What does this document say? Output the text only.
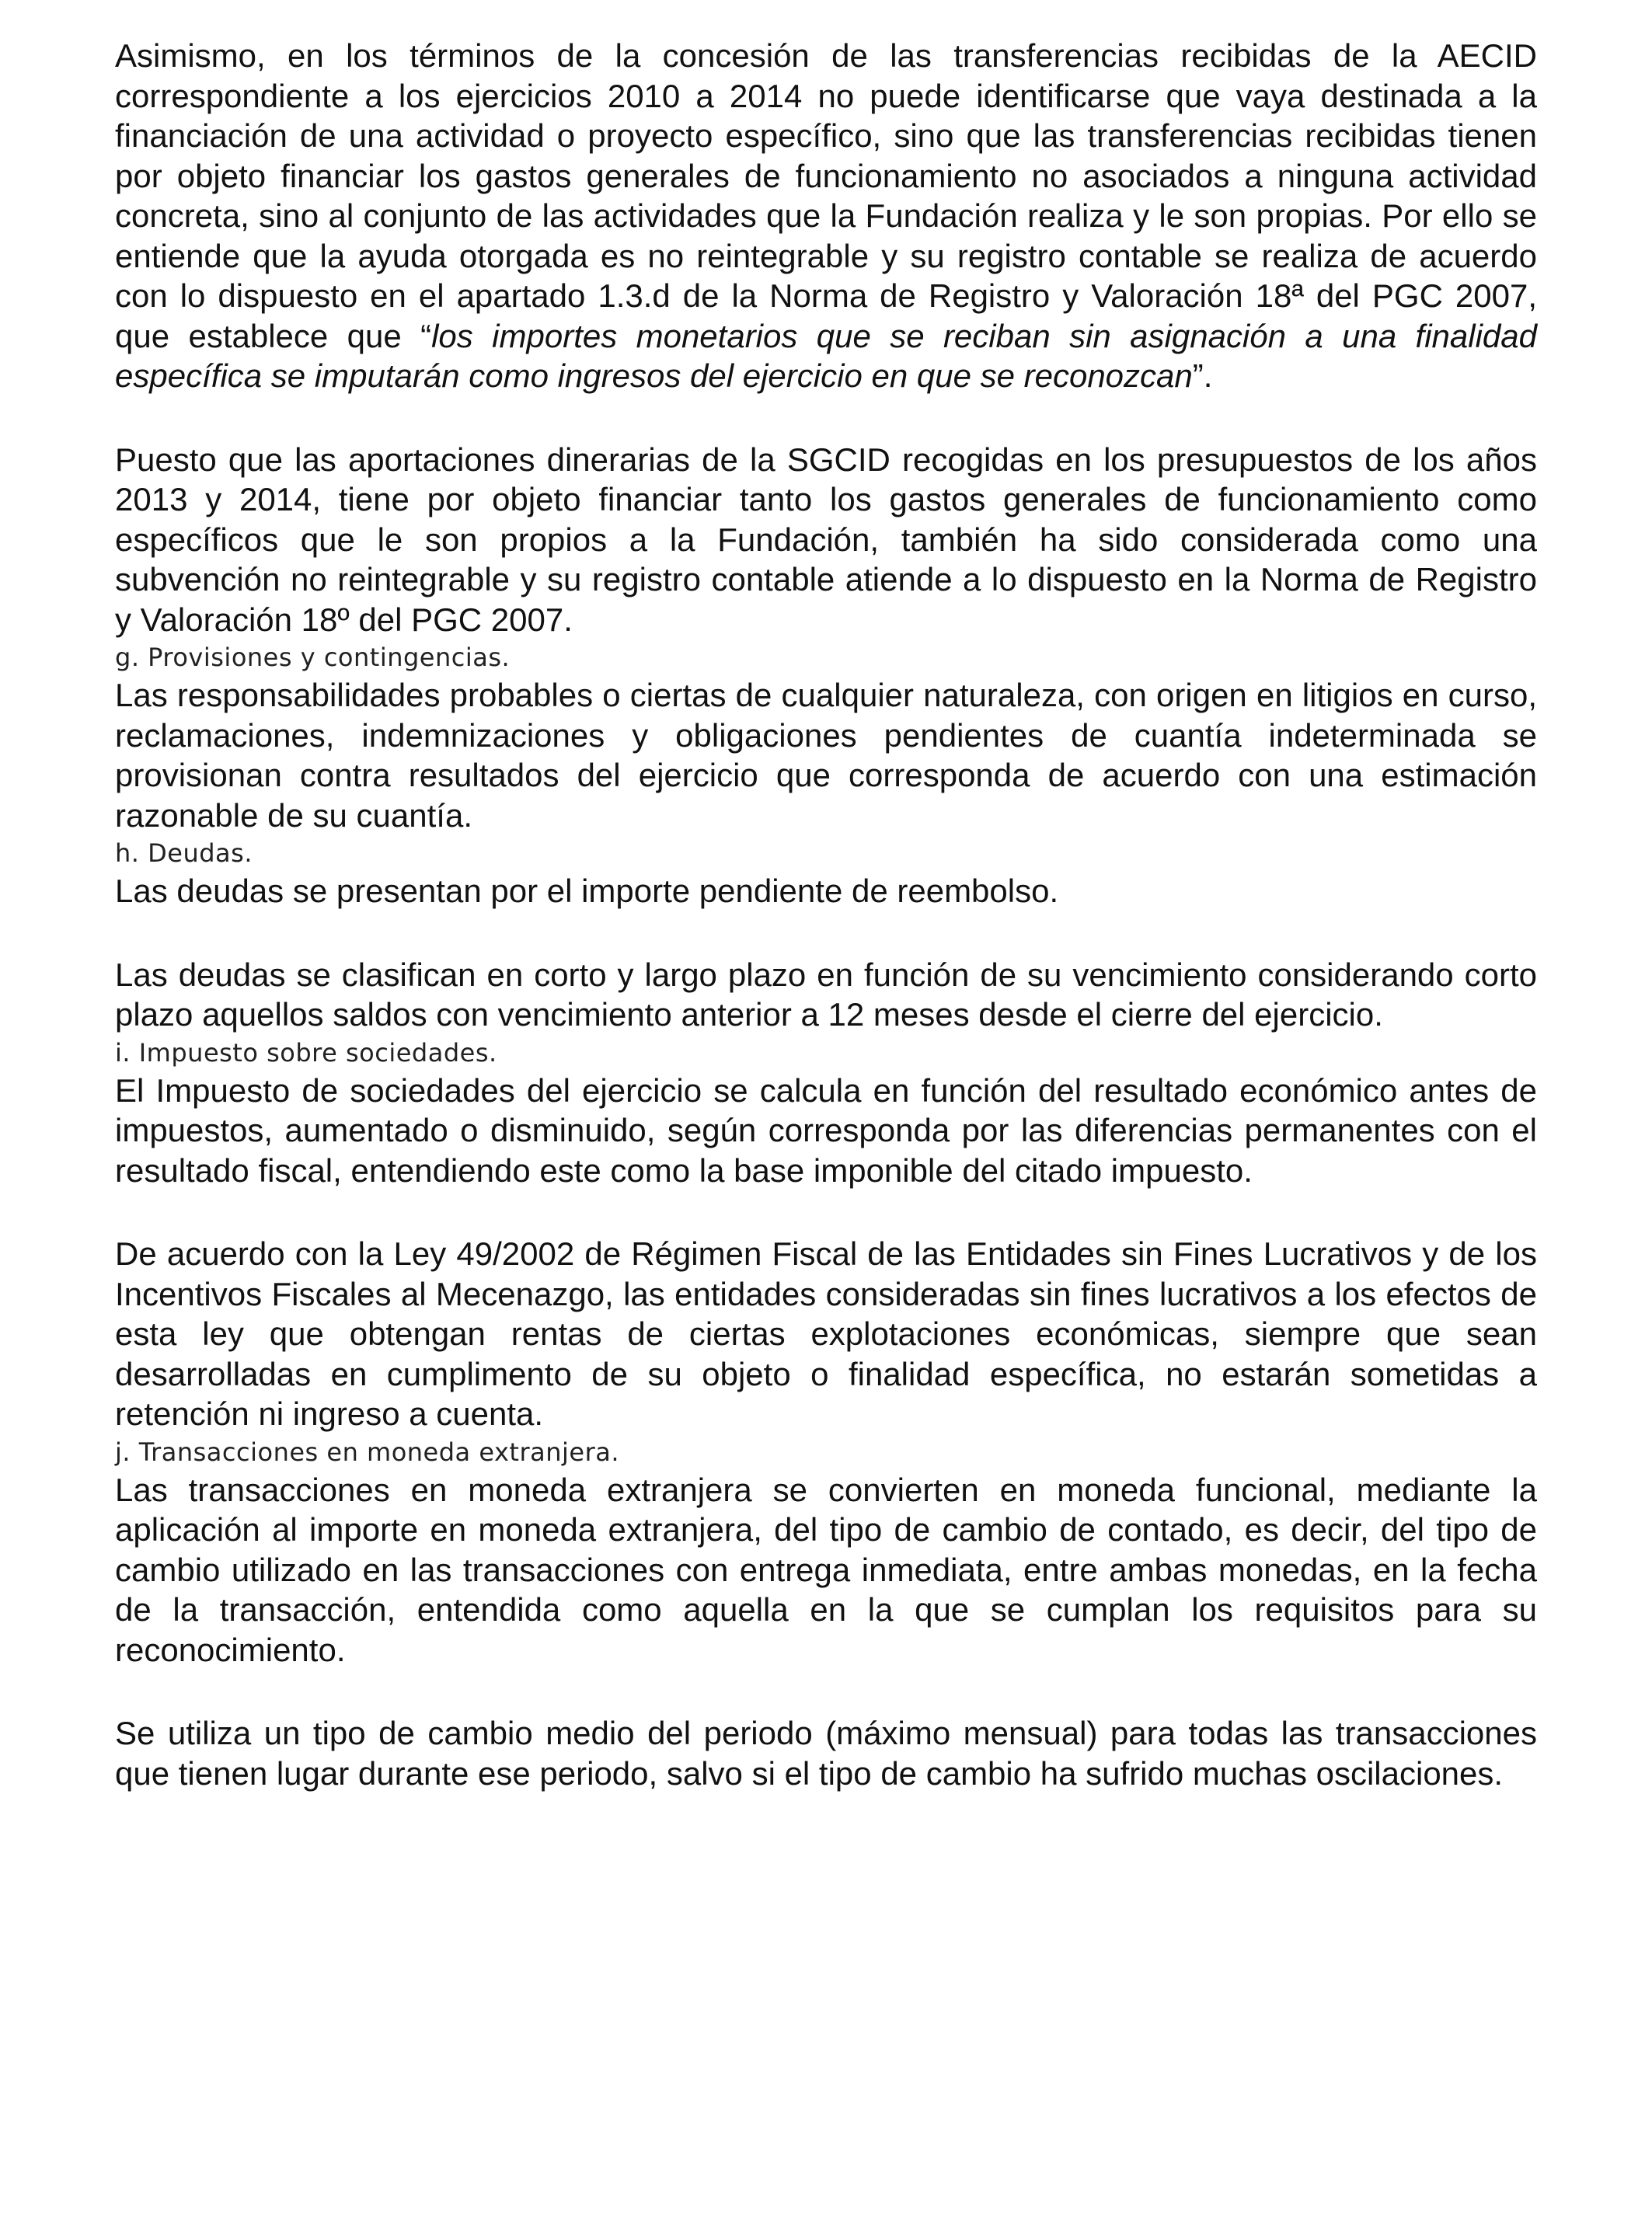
Asimismo, en los términos de la concesión de las transferencias recibidas de la AECID correspondiente a los ejercicios 2010 a 2014 no puede identificarse que vaya destinada a la financiación de una actividad o proyecto específico, sino que las transferencias recibidas tienen por objeto financiar los gastos generales de funcionamiento no asociados a ninguna actividad concreta, sino al conjunto de las actividades que la Fundación realiza y le son propias. Por ello se entiende que la ayuda otorgada es no reintegrable y su registro contable se realiza de acuerdo con lo dispuesto en el apartado 1.3.d de la Norma de Registro y Valoración 18ª del PGC 2007, que establece que “los importes monetarios que se reciban sin asignación a una finalidad específica se imputarán como ingresos del ejercicio en que se reconozcan”.

Puesto que las aportaciones dinerarias de la SGCID recogidas en los presupuestos de los años 2013 y 2014, tiene por objeto financiar tanto los gastos generales de funcionamiento como específicos que le son propios a la Fundación, también ha sido considerada como una subvención no reintegrable y su registro contable atiende a lo dispuesto en la Norma de Registro y Valoración 18º del PGC 2007.

g. Provisiones y contingencias.

Las responsabilidades probables o ciertas de cualquier naturaleza, con origen en litigios en curso, reclamaciones, indemnizaciones y obligaciones pendientes de cuantía indeterminada se provisionan contra resultados del ejercicio que corresponda de acuerdo con una estimación razonable de su cuantía.

h. Deudas.

Las deudas se presentan por el importe pendiente de reembolso.

Las deudas se clasifican en corto y largo plazo en función de su vencimiento considerando corto plazo aquellos saldos con vencimiento anterior a 12 meses desde el cierre del ejercicio.

i. Impuesto sobre sociedades.

El Impuesto de sociedades del ejercicio se calcula en función del resultado económico antes de impuestos, aumentado o disminuido, según corresponda por las diferencias permanentes con el resultado fiscal, entendiendo este como la base imponible del citado impuesto.

De acuerdo con la Ley 49/2002 de Régimen Fiscal de las Entidades sin Fines Lucrativos y de los Incentivos Fiscales al Mecenazgo, las entidades consideradas sin fines lucrativos a los efectos de esta ley que obtengan rentas de ciertas explotaciones económicas, siempre que sean desarrolladas en cumplimento de su objeto o finalidad específica, no estarán sometidas a retención ni ingreso a cuenta.

j. Transacciones en moneda extranjera.

Las transacciones en moneda extranjera se convierten en moneda funcional, mediante la aplicación al importe en moneda extranjera, del tipo de cambio de contado, es decir, del tipo de cambio utilizado en las transacciones con entrega inmediata, entre ambas monedas, en la fecha de la transacción, entendida como aquella en la que se cumplan los requisitos para su reconocimiento.

Se utiliza un tipo de cambio medio del periodo (máximo mensual) para todas las transacciones que tienen lugar durante ese periodo, salvo si el tipo de cambio ha sufrido muchas oscilaciones.
